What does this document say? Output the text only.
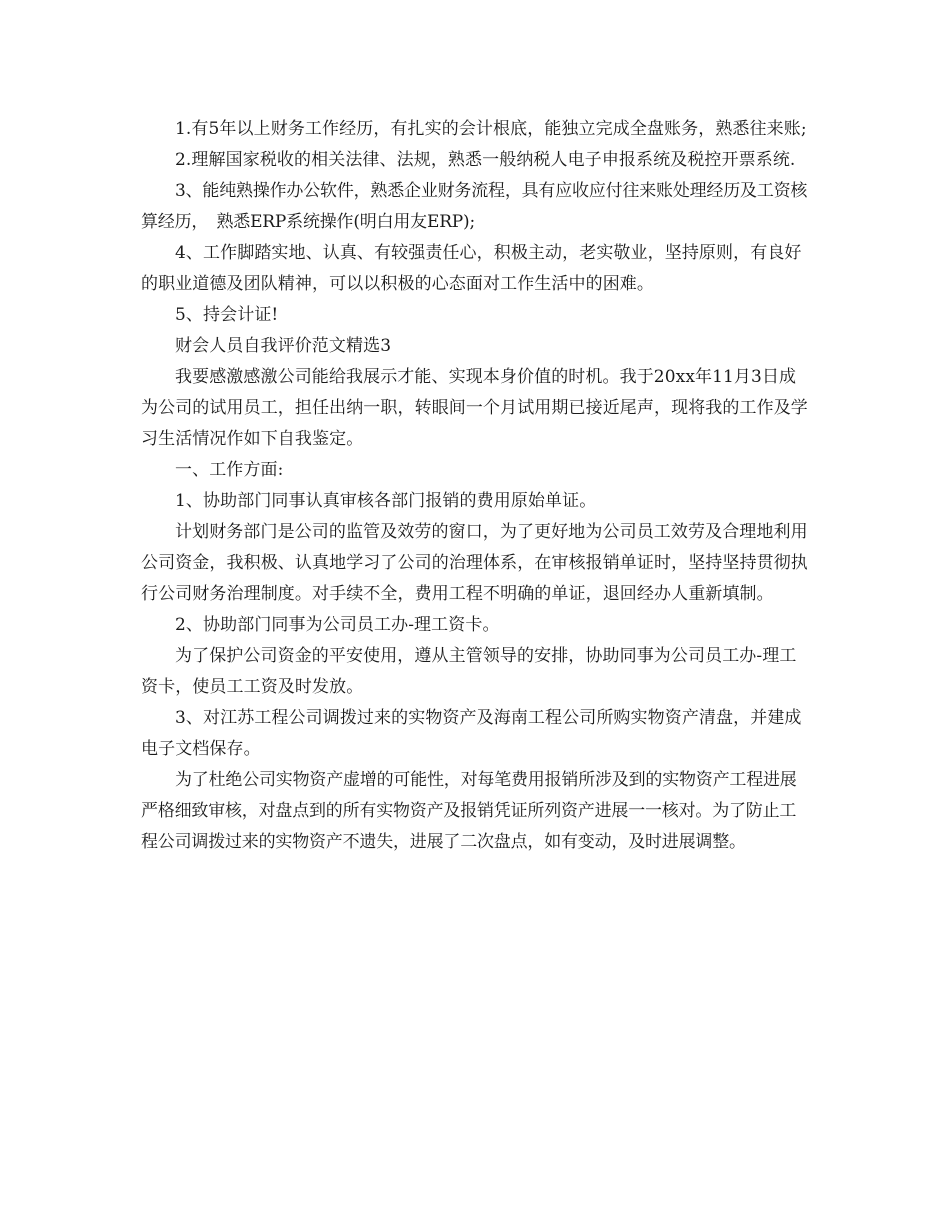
1.有5年以上财务工作经历，有扎实的会计根底，能独立完成全盘账务，熟悉往来账;

2.理解国家税收的相关法律、法规，熟悉一般纳税人电子申报系统及税控开票系统.

3、能纯熟操作办公软件，熟悉企业财务流程，具有应收应付往来账处理经历及工资核算经历，　熟悉ERP系统操作(明白用友ERP);

4、工作脚踏实地、认真、有较强责任心，积极主动，老实敬业，坚持原则，有良好的职业道德及团队精神，可以以积极的心态面对工作生活中的困难。

5、持会计证!

财会人员自我评价范文精选3

我要感激感激公司能给我展示才能、实现本身价值的时机。我于20xx年11月3日成为公司的试用员工，担任出纳一职，转眼间一个月试用期已接近尾声，现将我的工作及学习生活情况作如下自我鉴定。

一、工作方面:

1、协助部门同事认真审核各部门报销的费用原始单证。

计划财务部门是公司的监管及效劳的窗口，为了更好地为公司员工效劳及合理地利用公司资金，我积极、认真地学习了公司的治理体系，在审核报销单证时，坚持坚持贯彻执行公司财务治理制度。对手续不全，费用工程不明确的单证，退回经办人重新填制。

2、协助部门同事为公司员工办-理工资卡。

为了保护公司资金的平安使用，遵从主管领导的安排，协助同事为公司员工办-理工资卡，使员工工资及时发放。

3、对江苏工程公司调拨过来的实物资产及海南工程公司所购实物资产清盘，并建成电子文档保存。

为了杜绝公司实物资产虚增的可能性，对每笔费用报销所涉及到的实物资产工程进展严格细致审核，对盘点到的所有实物资产及报销凭证所列资产进展一一核对。为了防止工程公司调拨过来的实物资产不遗失，进展了二次盘点，如有变动，及时进展调整。
